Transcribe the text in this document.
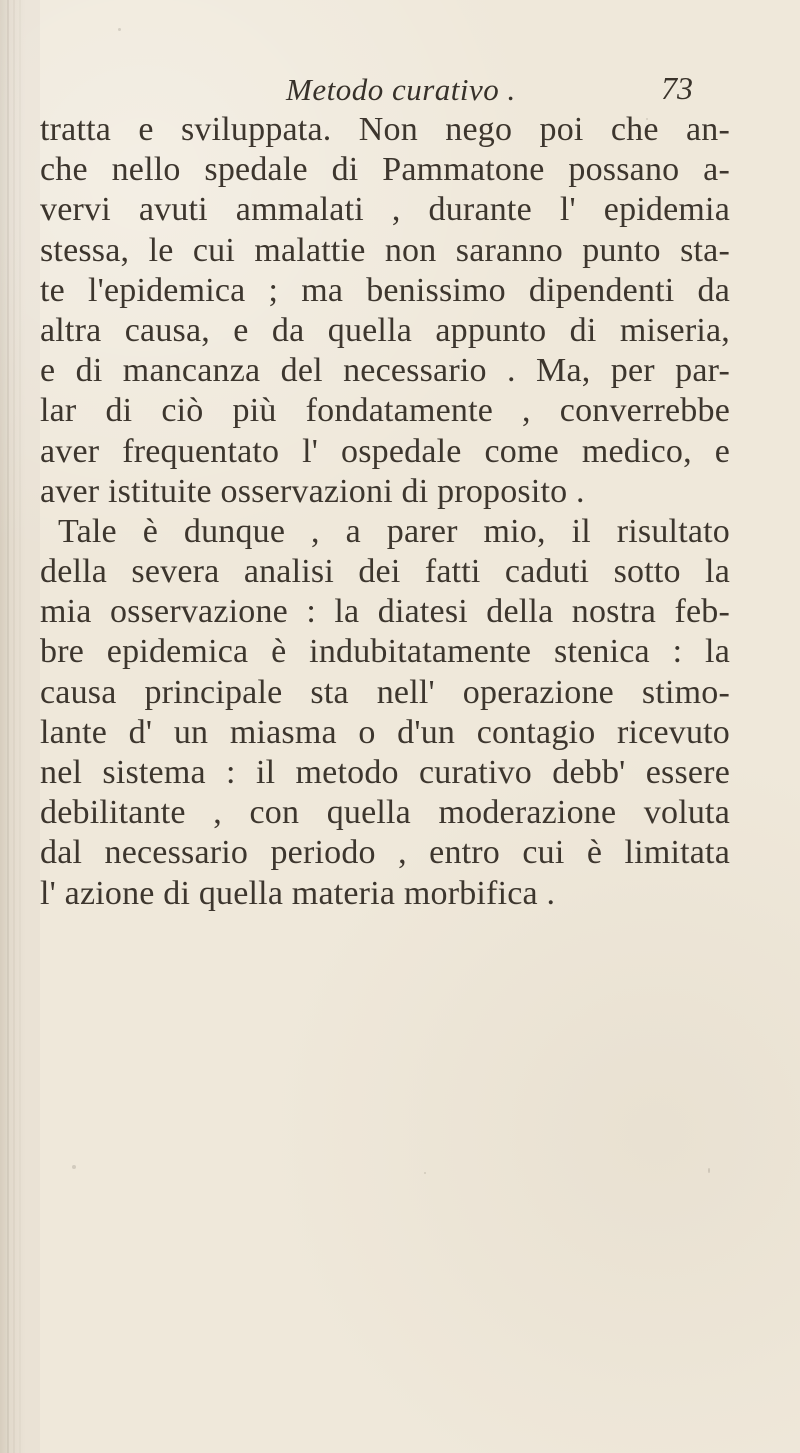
Metodo curativo .	73
tratta e sviluppata. Non nego poi che an-
che nello spedale di Pammatone possano a-
vervi avuti ammalati , durante l' epidemia
stessa, le cui malattie non saranno punto sta-
te l'epidemica ; ma benissimo dipendenti da
altra causa, e da quella appunto di miseria,
e di mancanza del necessario . Ma, per par-
lar di ciò più fondatamente , converrebbe
aver frequentato l' ospedale come medico, e
aver istituite osservazioni di proposito .
Tale è dunque , a parer mio, il risultato
della severa analisi dei fatti caduti sotto la
mia osservazione : la diatesi della nostra feb-
bre epidemica è indubitatamente stenica : la
causa principale sta nell' operazione stimo-
lante d' un miasma o d'un contagio ricevuto
nel sistema : il metodo curativo debb' essere
debilitante , con quella moderazione voluta
dal necessario periodo , entro cui è limitata
l' azione di quella materia morbifica .
